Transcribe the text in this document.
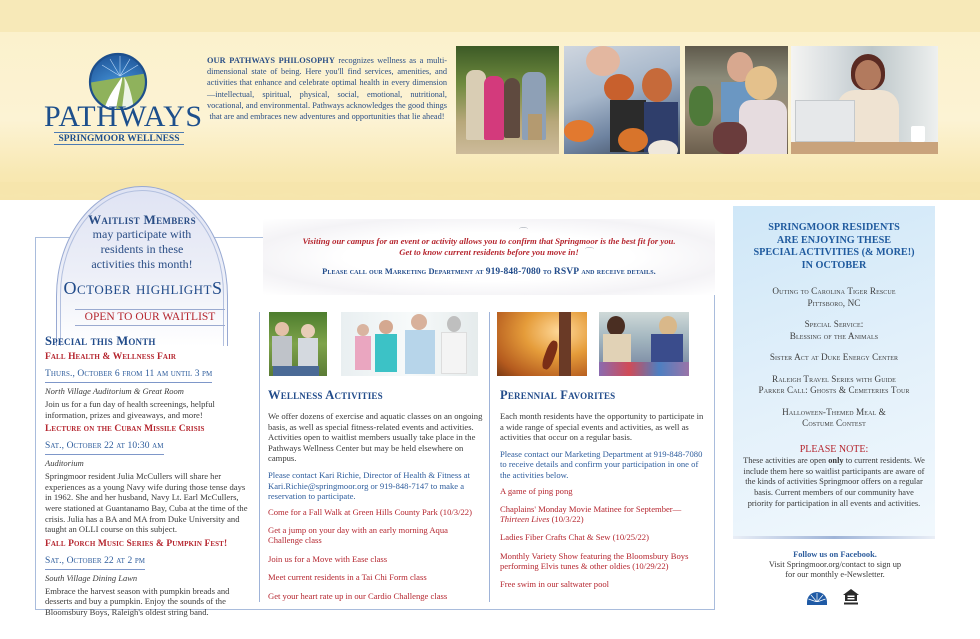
PATHWAYS
SPRINGMOOR WELLNESS
OUR PATHWAYS PHILOSOPHY recognizes wellness as a multi-dimensional state of being. Here you'll find services, amenities, and activities that enhance and celebrate optimal health in every dimension—intellectual, spiritual, physical, social, emotional, nutritional, vocational, and environmental. Pathways acknowledges the good things that are and embraces new adventures and opportunities that lie ahead!
Waitlist Members
may participate with
residents in these
activities this month!
October highlightS
OPEN TO OUR WAITLIST
Special this Month
Fall Health & Wellness Fair
Thurs., October 6 from 11 am until 3 pm
North Village Auditorium & Great Room
Join us for a fun day of health screenings, helpful information, prizes and giveaways, and more!
Lecture on the Cuban Missile Crisis
Sat., October 22 at 10:30 am
Auditorium
Springmoor resident Julia McCullers will share her experiences as a young Navy wife during those tense days in 1962. She and her husband, Navy Lt. Earl McCullers, were stationed at Guantanamo Bay, Cuba at the time of the crisis. Julia has a BA and MA from Duke University and taught an OLLI course on this subject.
Fall Porch Music Series & Pumpkin Fest!
Sat., October 22 at 2 pm
South Village Dining Lawn
Embrace the harvest season with pumpkin breads and desserts and buy a pumpkin. Enjoy the sounds of the Bloomsbury Boys, Raleigh's oldest string band.
⌒
Visiting our campus for an event or activity allows you to confirm that Springmoor is the best fit for you.
Get to know current residents before you move in! ⌒
Please call our Marketing Department at 919-848-7080 to RSVP and receive details.
Wellness Activities
We offer dozens of exercise and aquatic classes on an ongoing basis, as well as special fitness-related events and activities. Activities open to waitlist members usually take place in the Pathways Wellness Center but may be held elsewhere on campus.
Please contact Kari Richie, Director of Health & Fitness at Kari.Richie@springmoor.org or 919-848-7147 to make a reservation to participate.
Come for a Fall Walk at Green Hills County Park (10/3/22)
Get a jump on your day with an early morning Aqua Challenge class
Join us for a Move with Ease class
Meet current residents in a Tai Chi Form class
Get your heart rate up in our Cardio Challenge class
Perennial Favorites
Each month residents have the opportunity to participate in a wide range of special events and activities, as well as activities that occur on a regular basis.
Please contact our Marketing Department at 919-848-7080 to receive details and confirm your participation in one of the activities below.
A game of ping pong
Chaplains' Monday Movie Matinee for September—Thirteen Lives (10/3/22)
Ladies Fiber Crafts Chat & Sew (10/25/22)
Monthly Variety Show featuring the Bloomsbury Boys performing Elvis tunes & other oldies (10/29/22)
Free swim in our saltwater pool
SPRINGMOOR RESIDENTS
ARE ENJOYING THESE
SPECIAL ACTIVITIES (& MORE!)
IN OCTOBER
Outing to Carolina Tiger Rescue
Pittsboro, NC
Special Service:
Blessing of the Animals
Sister Act at Duke Energy Center
Raleigh Travel Series with Guide
Parker Call: Ghosts & Cemeteries Tour
Halloween-Themed Meal &
Costume Contest
PLEASE NOTE:
These activities are open only to current residents. We include them here so waitlist participants are aware of the kinds of activities Springmoor offers on a regular basis. Current members of our community have priority for participation in all events and activities.
Follow us on Facebook.
Visit Springmoor.org/contact to sign up
for our monthly e-Newsletter.
